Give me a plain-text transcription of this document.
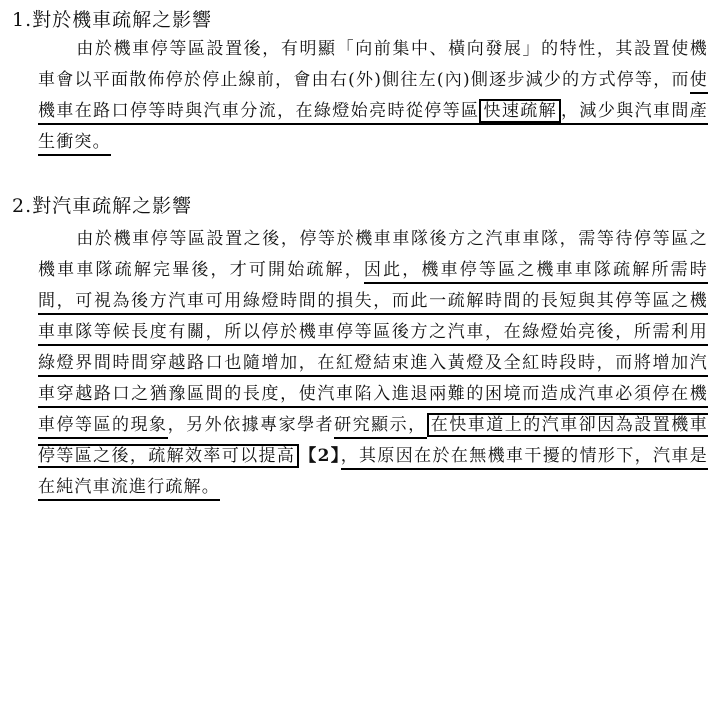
1.對於機車疏解之影響
由於機車停等區設置後，有明顯「向前集中、橫向發展」的特性，其設置使機車會以平面散佈停於停止線前，會由右(外)側往左(內)側逐步減少的方式停等，而使機車在路口停等時與汽車分流，在綠燈始亮時從停等區 快速疏解 ，減少與汽車間產生衝突。
2.對汽車疏解之影響
由於機車停等區設置之後，停等於機車車隊後方之汽車車隊，需等待停等區之機車車隊疏解完畢後，才可開始疏解，因此，機車停等區之機車車隊疏解所需時間，可視為後方汽車可用綠燈時間的損失，而此一疏解時間的長短與其停等區之機車車隊等候長度有關，所以停於機車停等區後方之汽車，在綠燈始亮後，所需利用綠燈界間時間穿越路口也隨增加，在紅燈結束進入黃燈及全紅時段時，而將增加汽車穿越路口之猶豫區間的長度，使汽車陷入進退兩難的困境而造成汽車必須停在機車停等區的現象，另外依據專家學者研究顯示， 在快車道上的汽車卻因為設置機車停等區之後，疏解效率可以提高 【2】，其原因在於在無機車干擾的情形下，汽車是在純汽車流進行疏解。
